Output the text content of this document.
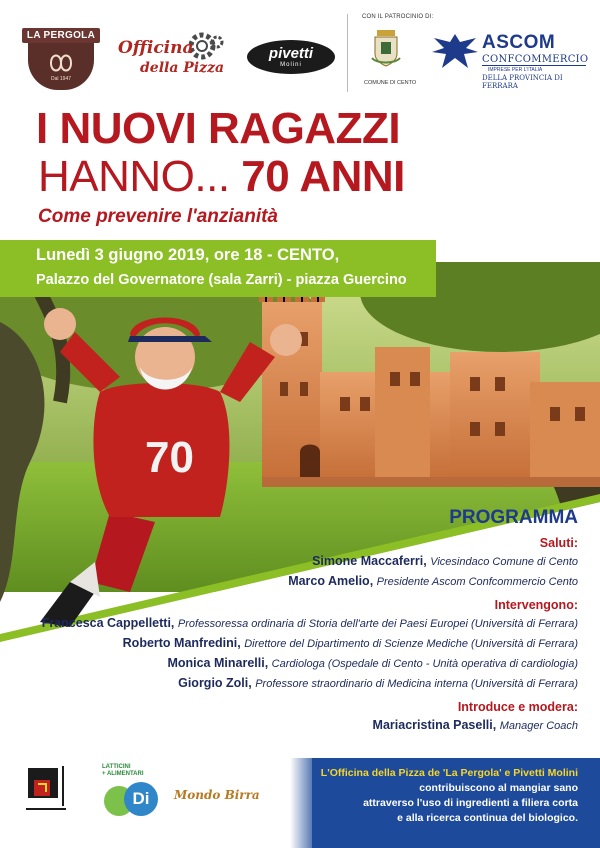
LA PERGOLA
Dal 1947
Officina
della Pizza
pivetti
Molini
CON IL PATROCINIO DI:
COMUNE DI CENTO
ASCOM
CONFCOMMERCIO
IMPRESE PER L'ITALIA
DELLA PROVINCIA DI FERRARA
I NUOVI RAGAZZI
HANNO... 70 ANNI
Come prevenire l'anzianità
70
Lunedì 3 giugno 2019, ore 18 - CENTO,
Palazzo del Governatore (sala Zarri) - piazza Guercino
PROGRAMMA
Saluti:
Simone Maccaferri, Vicesindaco Comune di Cento
Marco Amelio, Presidente Ascom Confcommercio Cento
Intervengono:
Francesca Cappelletti, Professoressa ordinaria di Storia dell'arte dei Paesi Europei (Università di Ferrara)
Roberto Manfredini, Direttore del Dipartimento di Scienze Mediche (Università di Ferrara)
Monica Minarelli, Cardiologa (Ospedale di Cento - Unità operativa di cardiologia)
Giorgio Zoli, Professore straordinario di Medicina interna (Università di Ferrara)
Introduce e modera:
Mariacristina Paselli, Manager Coach
LATTICINI
+ ALIMENTARI
Di	Mondo Birra
L'Officina della Pizza de 'La Pergola' e Pivetti Molini
contribuiscono al mangiar sano
attraverso l'uso di ingredienti a filiera corta
e alla ricerca continua del biologico.
